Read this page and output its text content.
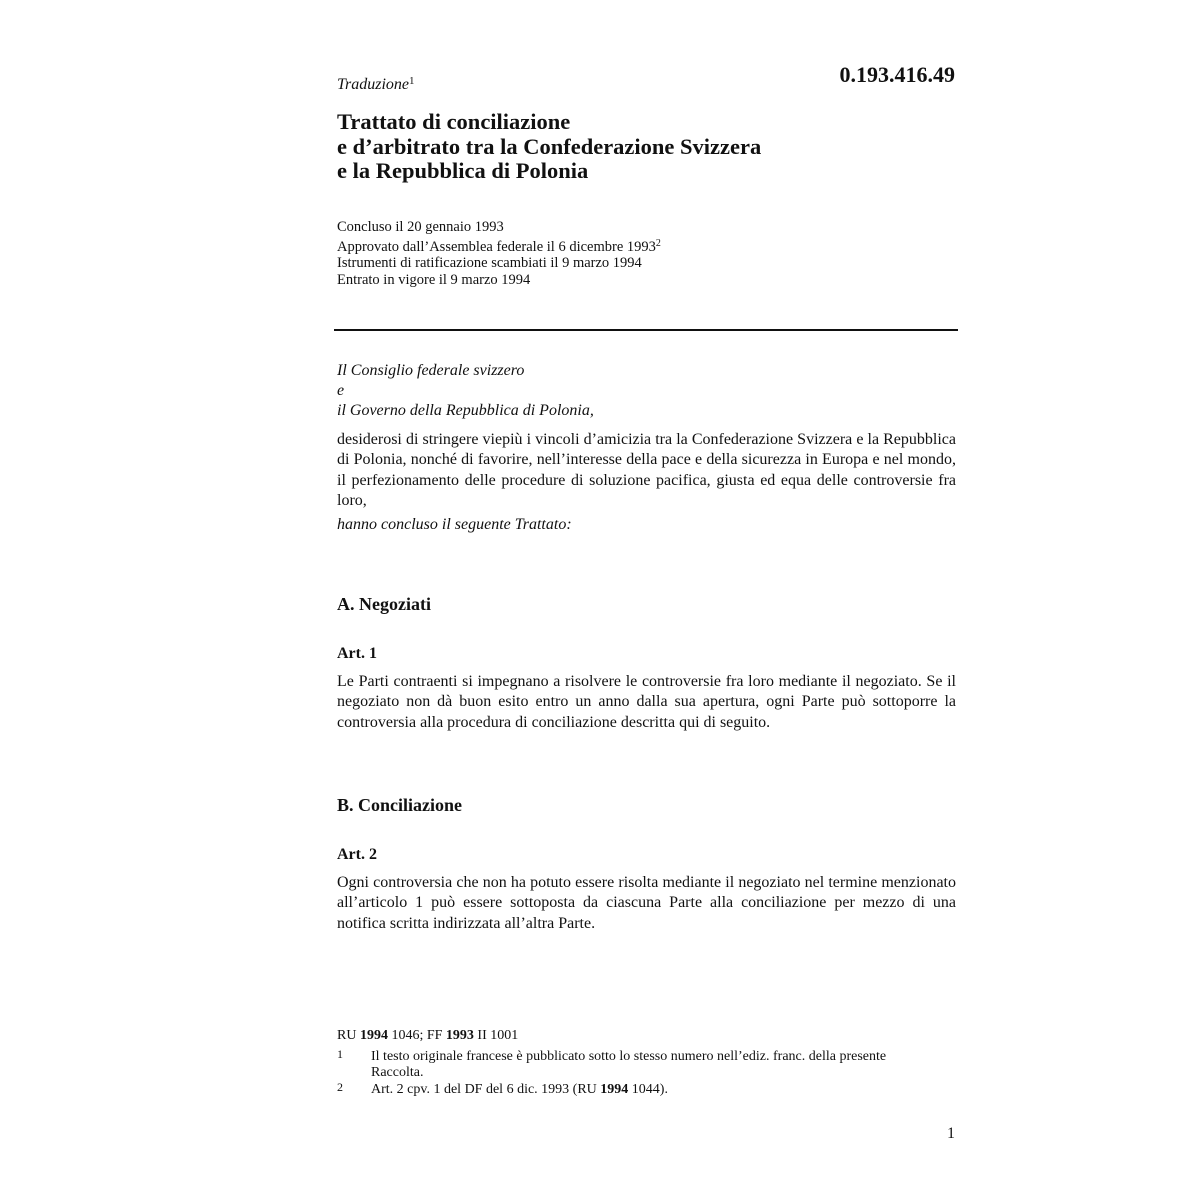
Traduzione$^1$	0.193.416.49
Trattato di conciliazione
e d’arbitrato tra la Confederazione Svizzera
e la Repubblica di Polonia
Concluso il 20 gennaio 1993
Approvato dall’Assemblea federale il 6 dicembre 1993$^2$
Istrumenti di ratificazione scambiati il 9 marzo 1994
Entrato in vigore il 9 marzo 1994
Il Consiglio federale svizzero
e
il Governo della Repubblica di Polonia,
desiderosi di stringere viepiù i vincoli d’amicizia tra la Confederazione Svizzera e la Repubblica di Polonia, nonché di favorire, nell’interesse della pace e della sicurezza in Europa e nel mondo, il perfezionamento delle procedure di soluzione pacifica, giusta ed equa delle controversie fra loro,
hanno concluso il seguente Trattato:
A. Negoziati
Art. 1
Le Parti contraenti si impegnano a risolvere le controversie fra loro mediante il negoziato. Se il negoziato non dà buon esito entro un anno dalla sua apertura, ogni Parte può sottoporre la controversia alla procedura di conciliazione descritta qui di seguito.
B. Conciliazione
Art. 2
Ogni controversia che non ha potuto essere risolta mediante il negoziato nel termine menzionato all’articolo 1 può essere sottoposta da ciascuna Parte alla conciliazione per mezzo di una notifica scritta indirizzata all’altra Parte.
RU 1994 1046; FF 1993 II 1001
1 Il testo originale francese è pubblicato sotto lo stesso numero nell’ediz. franc. della presente Raccolta.
2 Art. 2 cpv. 1 del DF del 6 dic. 1993 (RU 1994 1044).
1
